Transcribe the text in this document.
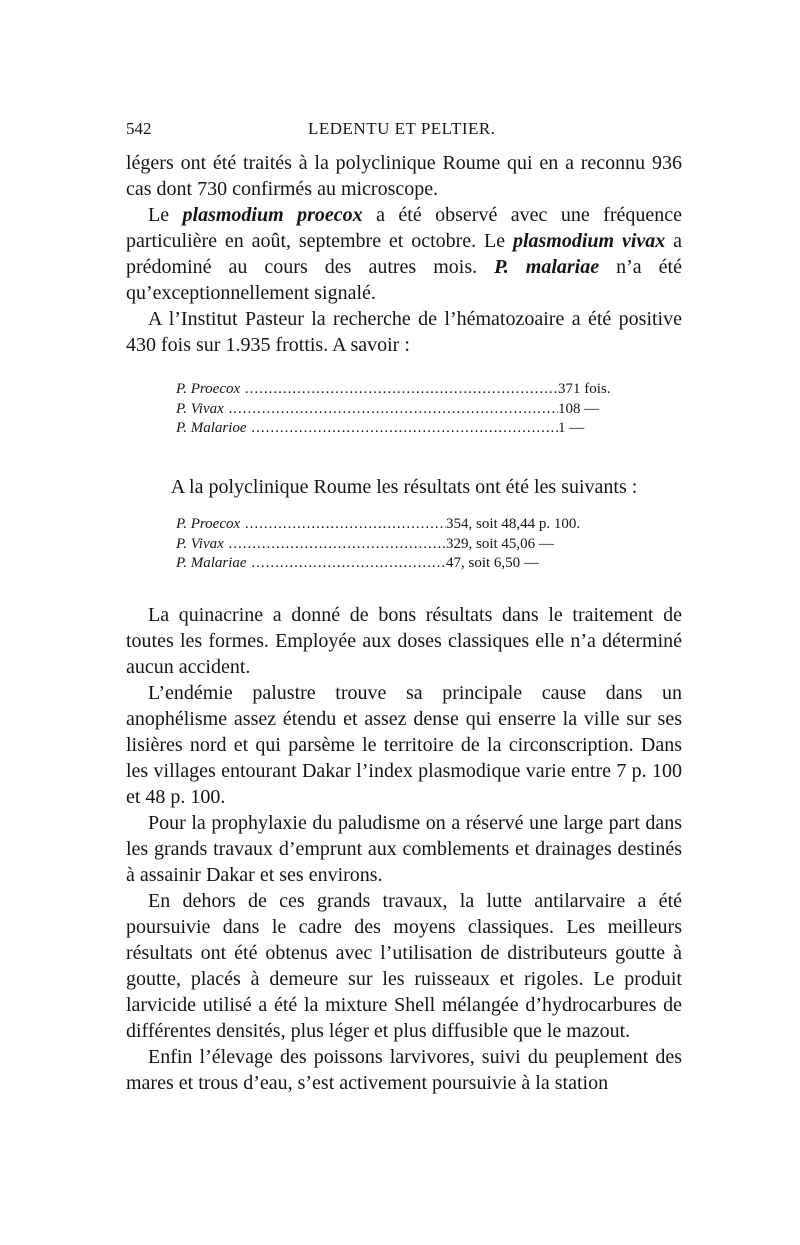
542	LEDENTU ET PELTIER.

légers ont été traités à la polyclinique Roume qui en a reconnu 936 cas dont 730 confirmés au microscope.

Le plasmodium proecox a été observé avec une fréquence particulière en août, septembre et octobre. Le plasmodium vivax a prédominé au cours des autres mois. P. malariae n’a été qu’exceptionnellement signalé.

A l’Institut Pasteur la recherche de l’hématozoaire a été positive 430 fois sur 1.935 frottis. A savoir :

P. Proecox .....	371 fois.
P. Vivax .....	108 —
P. Malarioe .....	1 —

A la polyclinique Roume les résultats ont été les suivants :

P. Proecox .....	354, soit 48,44 p. 100.
P. Vivax .....	329, soit 45,06 —
P. Malariae .....	47, soit 6,50 —

La quinacrine a donné de bons résultats dans le traitement de toutes les formes. Employée aux doses classiques elle n’a déterminé aucun accident.

L’endémie palustre trouve sa principale cause dans un anophélisme assez étendu et assez dense qui enserre la ville sur ses lisières nord et qui parsème le territoire de la circonscription. Dans les villages entourant Dakar l’index plasmodique varie entre 7 p. 100 et 48 p. 100.

Pour la prophylaxie du paludisme on a réservé une large part dans les grands travaux d’emprunt aux comblements et drainages destinés à assainir Dakar et ses environs.

En dehors de ces grands travaux, la lutte antilarvaire a été poursuivie dans le cadre des moyens classiques. Les meilleurs résultats ont été obtenus avec l’utilisation de distributeurs goutte à goutte, placés à demeure sur les ruisseaux et rigoles. Le produit larvicide utilisé a été la mixture Shell mélangée d’hydrocarbures de différentes densités, plus léger et plus diffusible que le mazout.

Enfin l’élevage des poissons larvivores, suivi du peuplement des mares et trous d’eau, s’est activement poursuivie à la station
